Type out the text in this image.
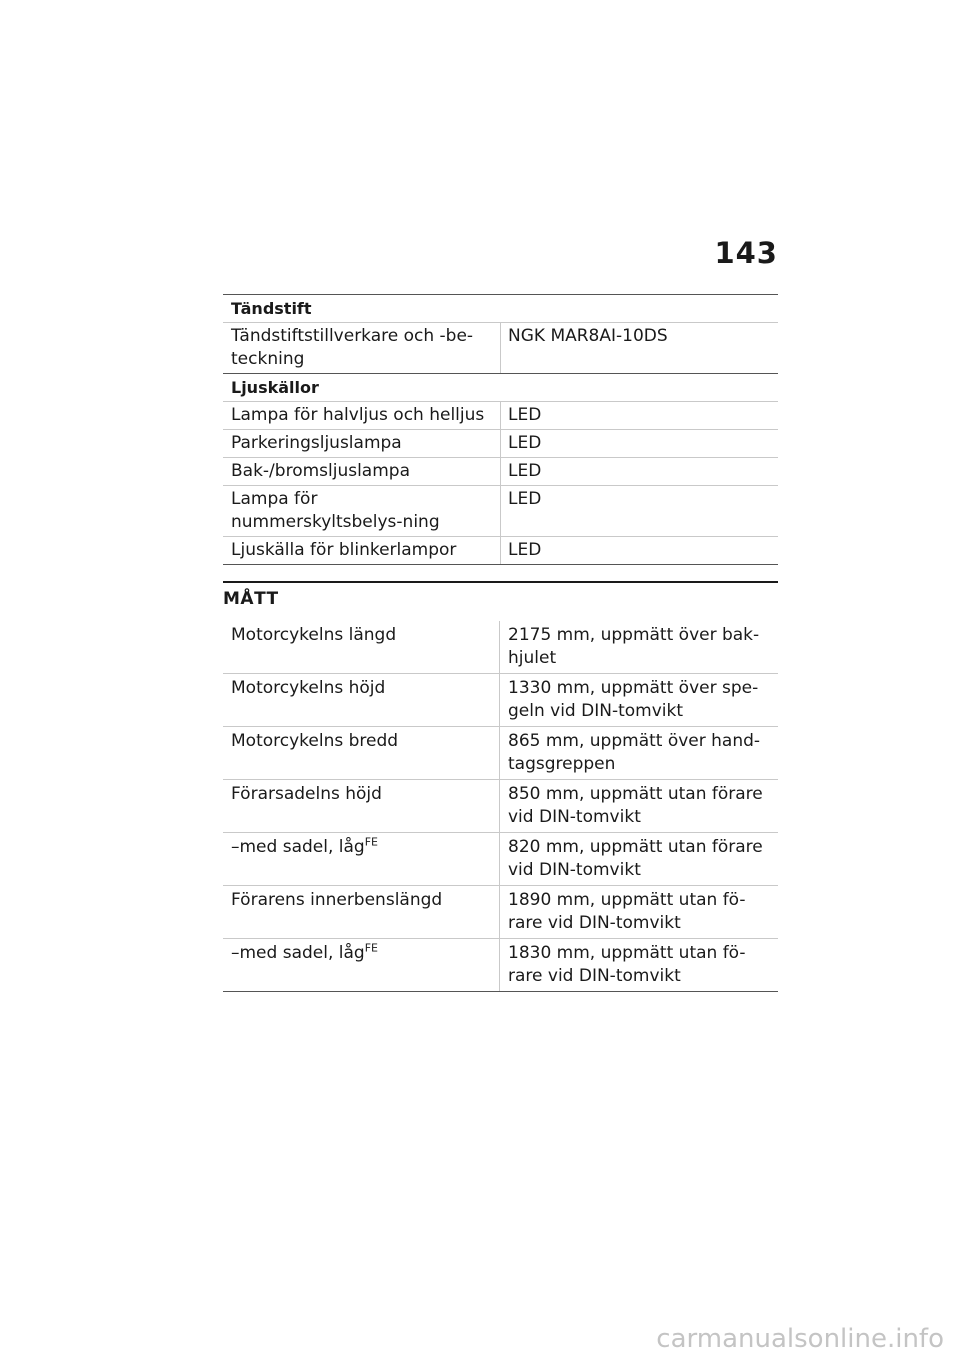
143
Tändstift	
Tändstiftstillverkare och -be-teckning	NGK MAR8AI-10DS
Ljuskällor	
Lampa för halvljus och helljus	LED
Parkeringsljuslampa	LED
Bak-/bromsljuslampa	LED
Lampa för nummerskyltsbelys-ning	LED
Ljuskälla för blinkerlampor	LED
MÅTT
Motorcykelns längd	2175 mm, uppmätt över bak-hjulet
Motorcykelns höjd	1330 mm, uppmätt över spe-geln vid DIN-tomvikt
Motorcykelns bredd	865 mm, uppmätt över hand-tagsgreppen
Förarsadelns höjd	850 mm, uppmätt utan förare vid DIN-tomvikt
–med sadel, låg$^{FE}$	820 mm, uppmätt utan förare vid DIN-tomvikt
Förarens innerbenslängd	1890 mm, uppmätt utan fö-rare vid DIN-tomvikt
–med sadel, låg$^{FE}$	1830 mm, uppmätt utan fö-rare vid DIN-tomvikt
carmanualsonline.info
